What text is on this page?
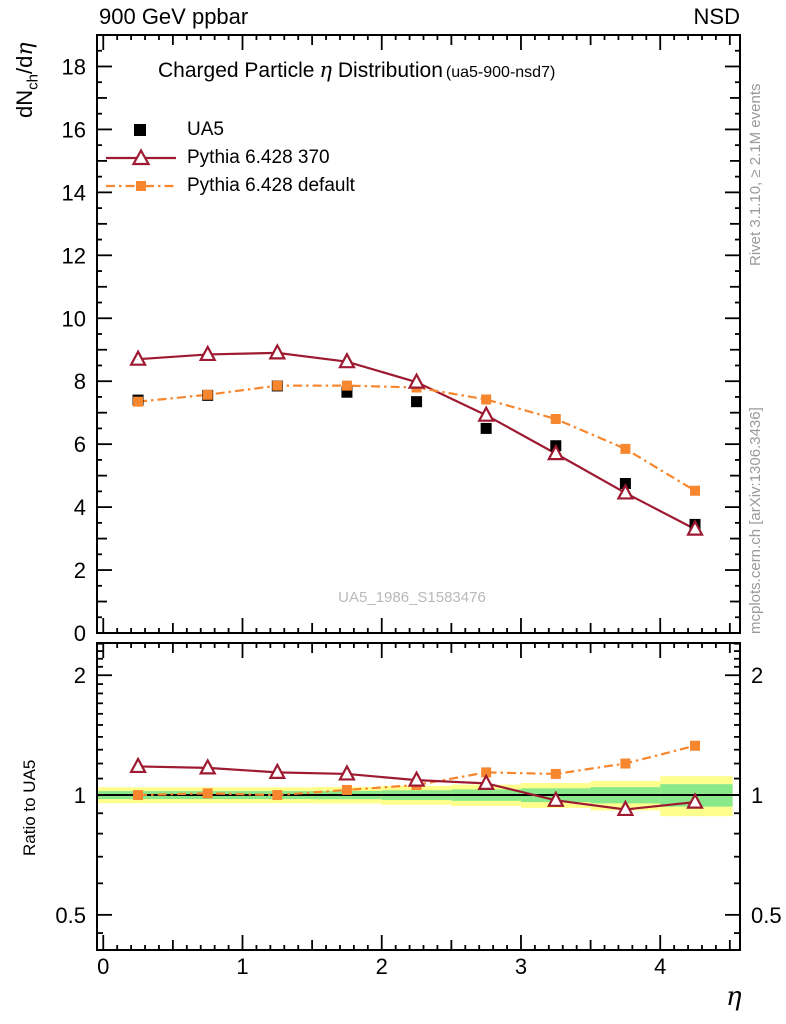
0	1	2	3	4
0
2
4
6
8
10
12
14
16
18
2	2
1	1
0.5	0.5
900 GeV ppbar	NSD
Charged Particle η Distribution (ua5-900-nsd7)
UA5
Pythia 6.428 370
Pythia 6.428 default
UA5_1986_S1583476
$dN_{ch}/d\eta$
Ratio to UA5
Rivet 3.1.10, ≥ 2.1M events
mcplots.cern.ch [arXiv:1306.3436]
η
